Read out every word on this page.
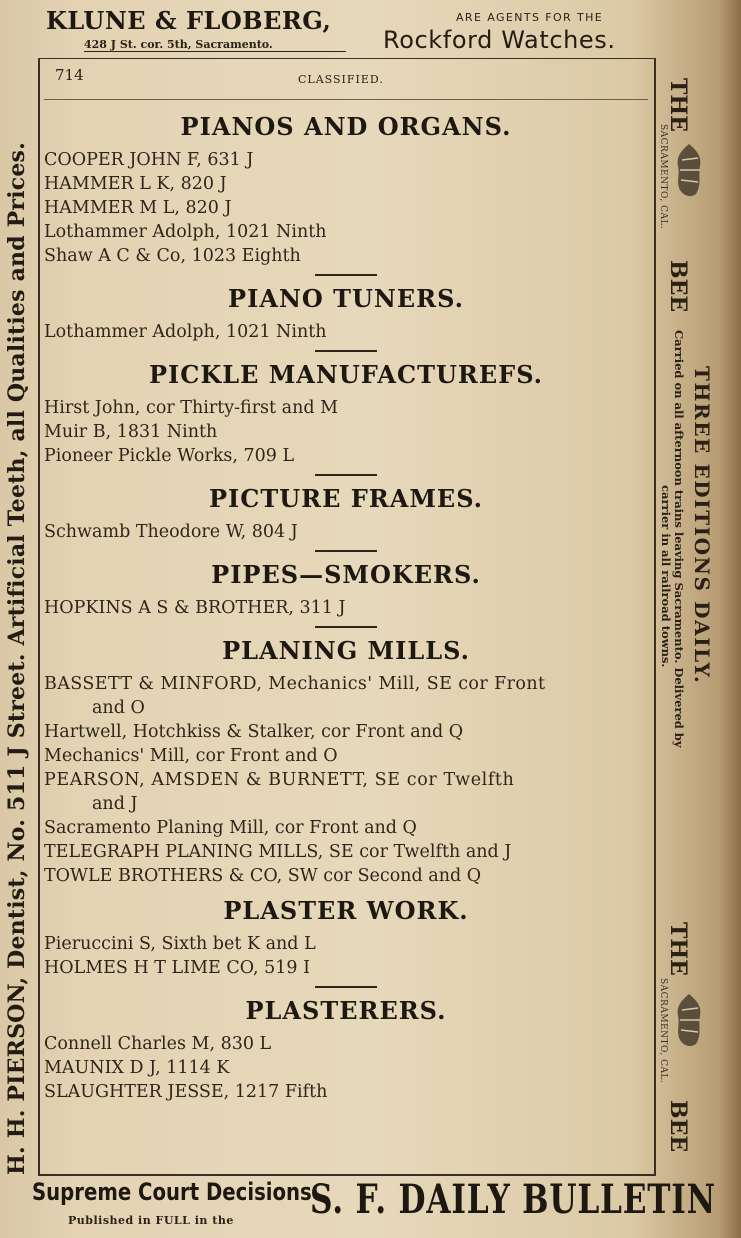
KLUNE & FLOBERG,
428 J St. cor. 5th, Sacramento.
ARE AGENTS FOR THE
Rockford Watches.
H. H. PIERSON, Dentist, No. 511 J Street. Artificial Teeth, all Qualities and Prices.
714	CLASSIFIED.
PIANOS AND ORGANS.
COOPER JOHN F, 631 J
HAMMER L K, 820 J
HAMMER M L, 820 J
Lothammer Adolph, 1021 Ninth
Shaw A C & Co, 1023 Eighth
PIANO TUNERS.
Lothammer Adolph, 1021 Ninth
PICKLE MANUFACTUREFS.
Hirst John, cor Thirty-first and M
Muir B, 1831 Ninth
Pioneer Pickle Works, 709 L
PICTURE FRAMES.
Schwamb Theodore W, 804 J
PIPES—SMOKERS.
HOPKINS A S & BROTHER, 311 J
PLANING MILLS.
BASSETT & MINFORD, Mechanics' Mill, SE cor Front
and O
Hartwell, Hotchkiss & Stalker, cor Front and Q
Mechanics' Mill, cor Front and O
PEARSON, AMSDEN & BURNETT, SE cor Twelfth
and J
Sacramento Planing Mill, cor Front and Q
TELEGRAPH PLANING MILLS, SE cor Twelfth and J
TOWLE BROTHERS & CO, SW cor Second and Q
PLASTER WORK.
Pieruccini S, Sixth bet K and L
HOLMES H T LIME CO, 519 I
PLASTERERS.
Connell Charles M, 830 L
MAUNIX D J, 1114 K
SLAUGHTER JESSE, 1217 Fifth
THE
SACRAMENTO, CAL.
BEE
Carried on all afternoon trains leaving Sacramento. Delivered by THREE EDITIONS DAILY.
carrier in all railroad towns.
THE
SACRAMENTO, CAL.
BEE
Supreme Court Decisions
Published in FULL in the S. F. DAILY BULLETIN
